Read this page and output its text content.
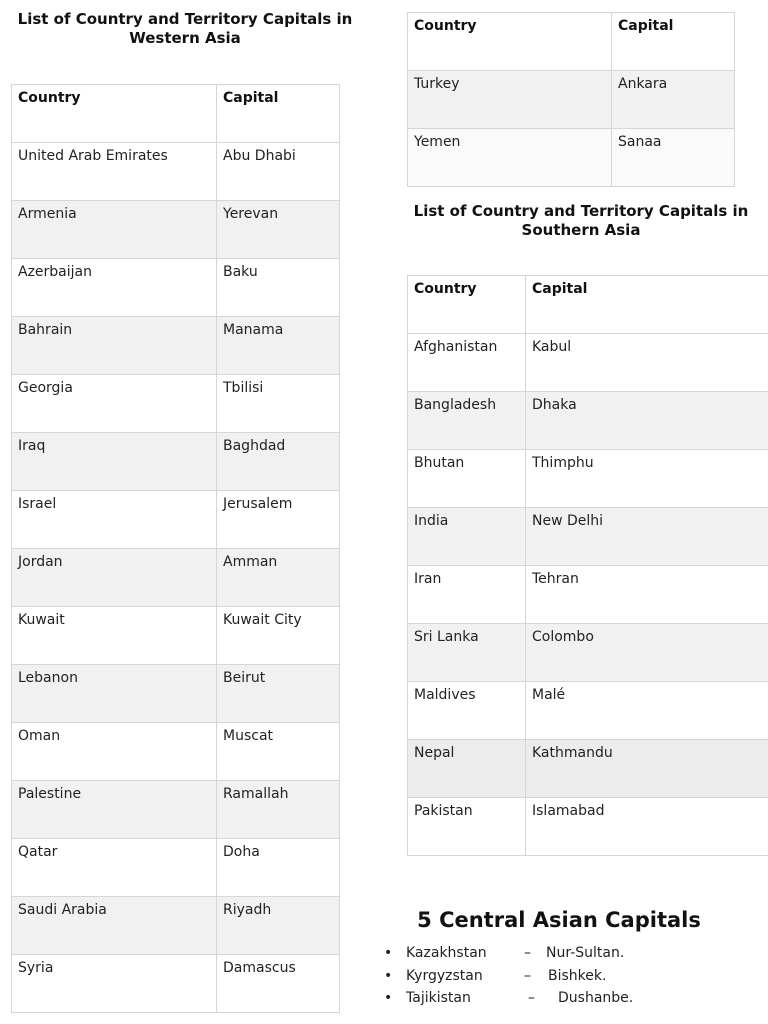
List of Country and Territory Capitals in Western Asia
Country	Capital
United Arab Emirates	Abu Dhabi
Armenia	Yerevan
Azerbaijan	Baku
Bahrain	Manama
Georgia	Tbilisi
Iraq	Baghdad
Israel	Jerusalem
Jordan	Amman
Kuwait	Kuwait City
Lebanon	Beirut
Oman	Muscat
Palestine	Ramallah
Qatar	Doha
Saudi Arabia	Riyadh
Syria	Damascus
Country	Capital
Turkey	Ankara
Yemen	Sanaa
List of Country and Territory Capitals in Southern Asia
Country	Capital
Afghanistan	Kabul
Bangladesh	Dhaka
Bhutan	Thimphu
India	New Delhi
Iran	Tehran
Sri Lanka	Colombo
Maldives	Malé
Nepal	Kathmandu
Pakistan	Islamabad
5 Central Asian Capitals
• Kazakhstan	– Nur-Sultan.
• Kyrgyzstan	– Bishkek.
• Tajikistan	– Dushanbe.
